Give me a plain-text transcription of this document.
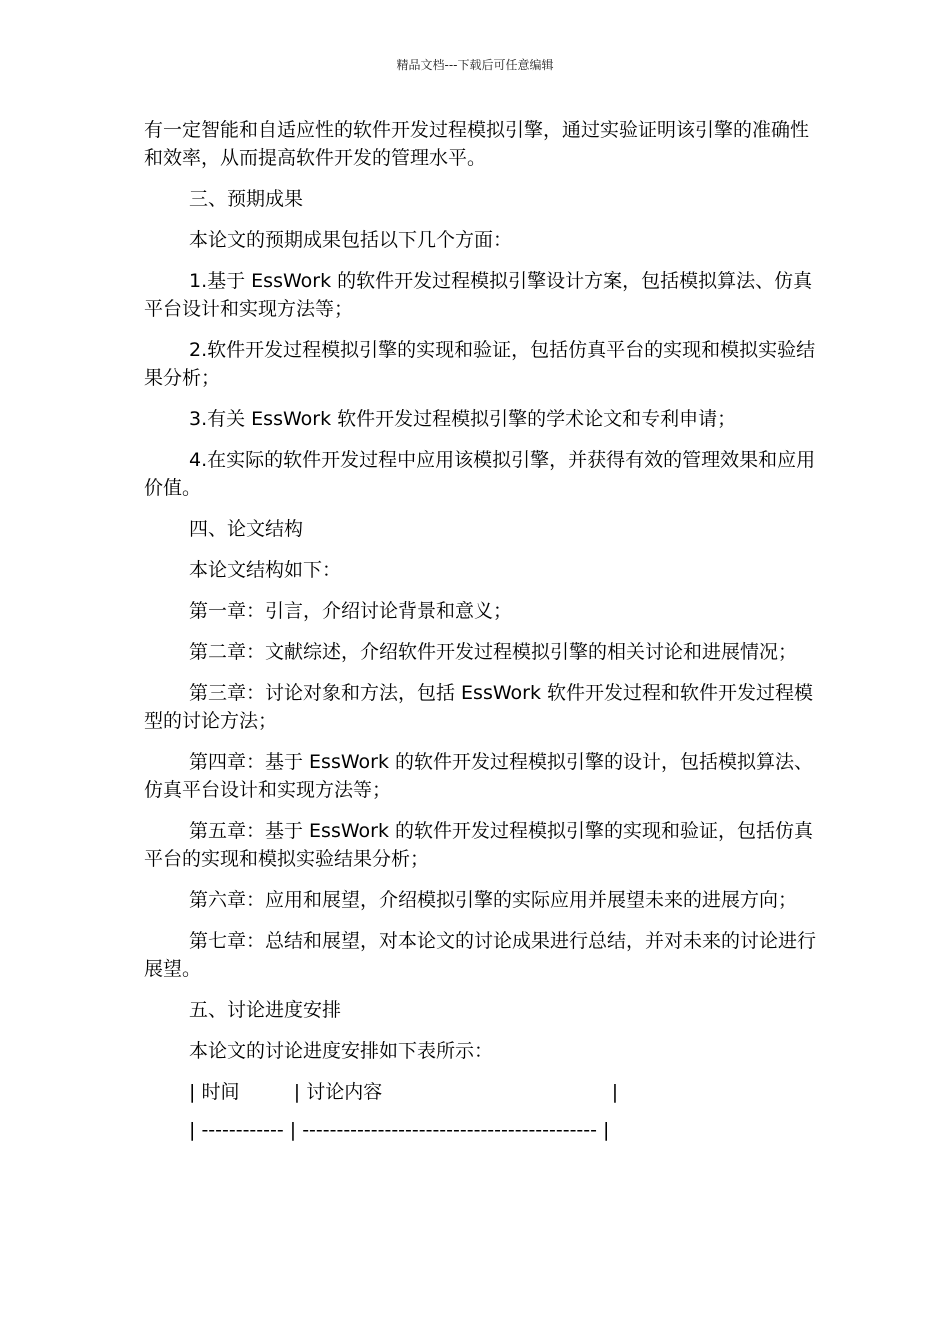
精品文档---下载后可任意编辑
有一定智能和自适应性的软件开发过程模拟引擎，通过实验证明该引擎的准确性和效率，从而提高软件开发的管理水平。
三、预期成果
本论文的预期成果包括以下几个方面：
1.基于 EssWork 的软件开发过程模拟引擎设计方案，包括模拟算法、仿真平台设计和实现方法等；
2.软件开发过程模拟引擎的实现和验证，包括仿真平台的实现和模拟实验结果分析；
3.有关 EssWork 软件开发过程模拟引擎的学术论文和专利申请；
4.在实际的软件开发过程中应用该模拟引擎，并获得有效的管理效果和应用价值。
四、论文结构
本论文结构如下：
第一章：引言，介绍讨论背景和意义；
第二章：文献综述，介绍软件开发过程模拟引擎的相关讨论和进展情况；
第三章：讨论对象和方法，包括 EssWork 软件开发过程和软件开发过程模型的讨论方法；
第四章：基于 EssWork 的软件开发过程模拟引擎的设计，包括模拟算法、仿真平台设计和实现方法等；
第五章：基于 EssWork 的软件开发过程模拟引擎的实现和验证，包括仿真平台的实现和模拟实验结果分析；
第六章：应用和展望，介绍模拟引擎的实际应用并展望未来的进展方向；
第七章：总结和展望，对本论文的讨论成果进行总结，并对未来的讨论进行展望。
五、讨论进度安排
本论文的讨论进度安排如下表所示：
| 时间         | 讨论内容                                      |
| ------------ | ------------------------------------------- |
